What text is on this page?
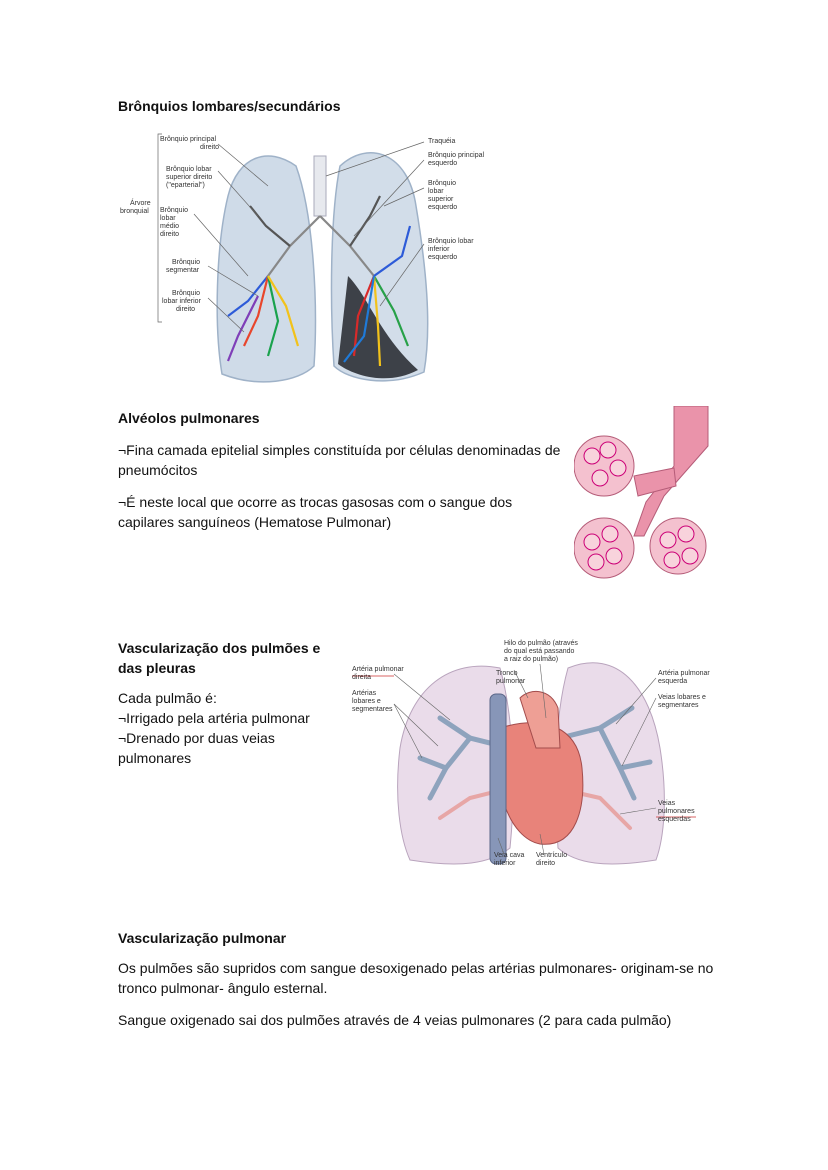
Brônquios lombares/secundários
Brônquio principal
direito
Brônquio lobar
superior direito
("eparterial")
Árvore
bronquial Brônquio
lobar
médio
direito
Brônquio
segmentar
Brônquio
lobar inferior
direito
Traquéia
Brônquio principal
esquerdo
Brônquio
lobar
superior
esquerdo
Brônquio lobar
inferior
esquerdo
Alvéolos pulmonares
¬Fina camada epitelial simples constituída por células denominadas de pneumócitos
¬É neste local que ocorre as trocas gasosas com o sangue dos capilares sanguíneos (Hematose Pulmonar)
Vascularização dos pulmões e das pleuras
Cada pulmão é:
¬Irrigado pela artéria pulmonar
¬Drenado por duas veias
pulmonares
Hilo do pulmão (através
do qual está passando
a raiz do pulmão)
Artéria pulmonar
direita
Artérias
lobares e
segmentares
Tronco
pulmonar
Artéria pulmonar
esquerda
Veias lobares e
segmentares
Veias
pulmonares
esquerdas
Veia cava
inferior
Ventrículo
direito
Vascularização pulmonar
Os pulmões são supridos com sangue desoxigenado pelas artérias pulmonares- originam-se no tronco pulmonar- ângulo esternal.
Sangue oxigenado sai dos pulmões através de 4 veias pulmonares (2 para cada pulmão)
